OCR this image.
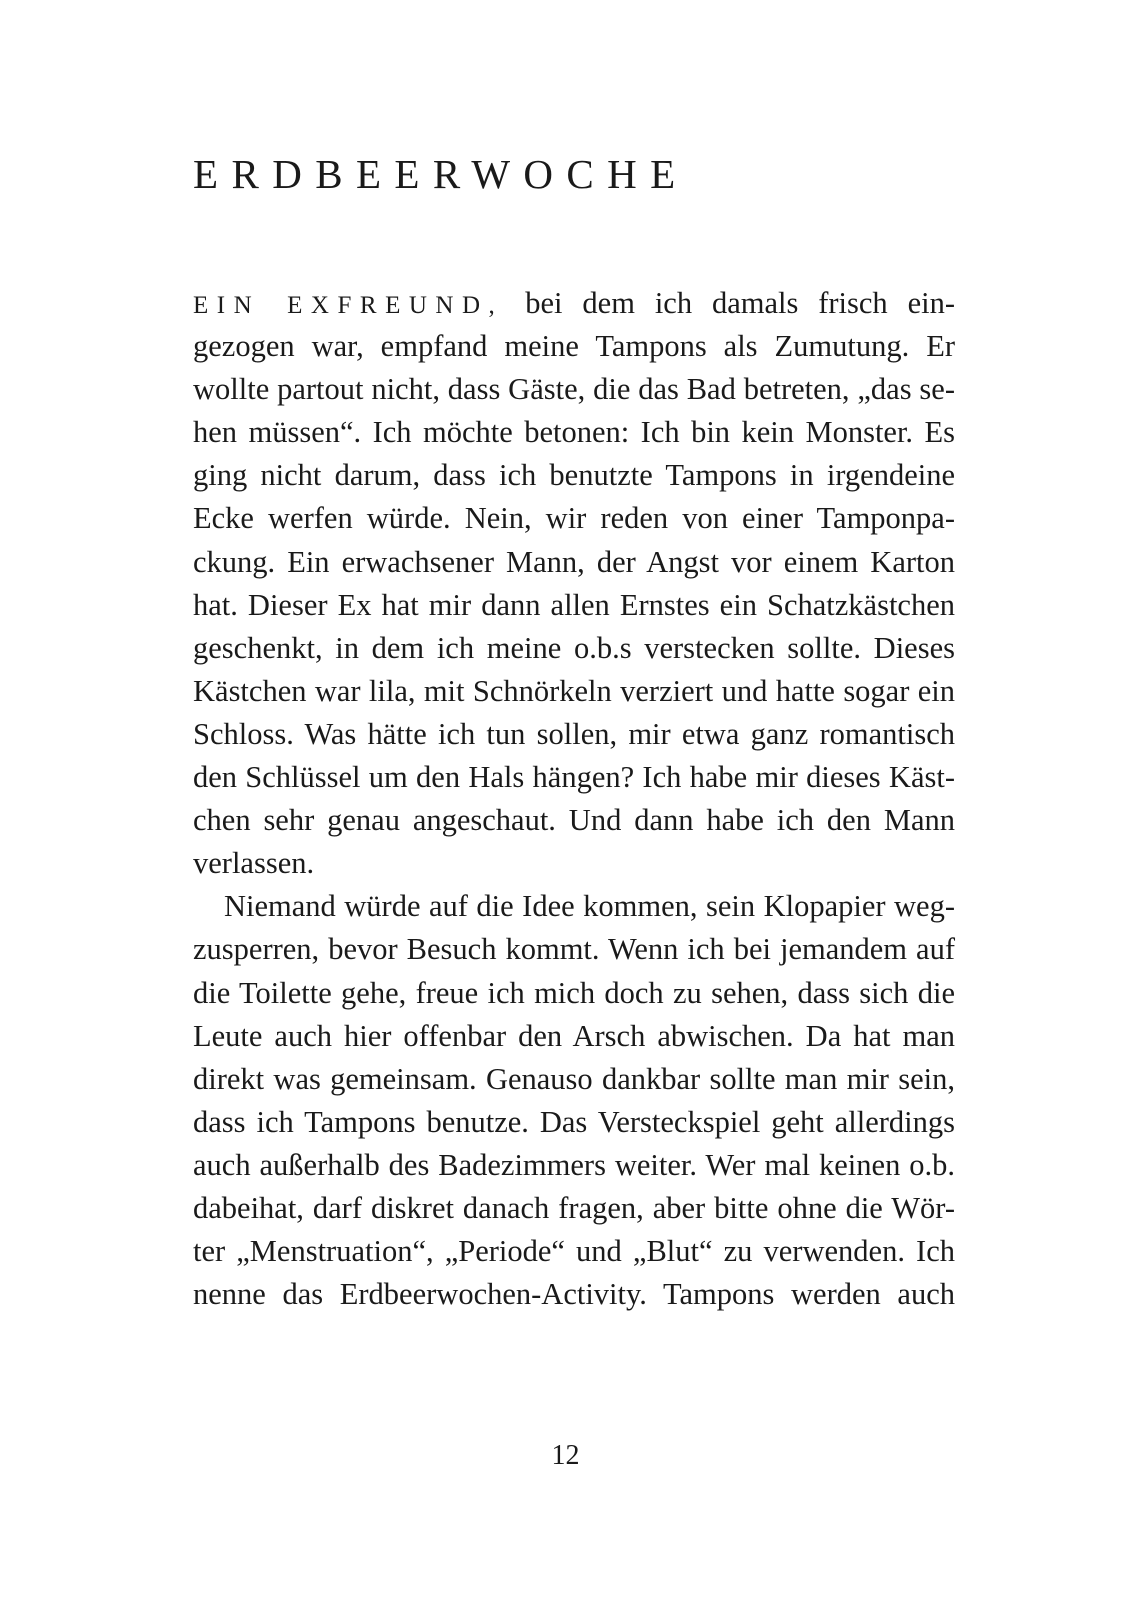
ERDBEERWOCHE
EIN EXFREUND, bei dem ich damals frisch ein-
gezogen war, empfand meine Tampons als Zumutung. Er
wollte partout nicht, dass Gäste, die das Bad betreten, „das se-
hen müssen“. Ich möchte betonen: Ich bin kein Monster. Es
ging nicht darum, dass ich benutzte Tampons in irgendeine
Ecke werfen würde. Nein, wir reden von einer Tamponpa-
ckung. Ein erwachsener Mann, der Angst vor einem Karton
hat. Dieser Ex hat mir dann allen Ernstes ein Schatzkästchen
geschenkt, in dem ich meine o.b.s verstecken sollte. Dieses
Kästchen war lila, mit Schnörkeln verziert und hatte sogar ein
Schloss. Was hätte ich tun sollen, mir etwa ganz romantisch
den Schlüssel um den Hals hängen? Ich habe mir dieses Käst-
chen sehr genau angeschaut. Und dann habe ich den Mann
verlassen.
Niemand würde auf die Idee kommen, sein Klopapier weg-
zusperren, bevor Besuch kommt. Wenn ich bei jemandem auf
die Toilette gehe, freue ich mich doch zu sehen, dass sich die
Leute auch hier offenbar den Arsch abwischen. Da hat man
direkt was gemeinsam. Genauso dankbar sollte man mir sein,
dass ich Tampons benutze. Das Versteckspiel geht allerdings
auch außerhalb des Badezimmers weiter. Wer mal keinen o.b.
dabeihat, darf diskret danach fragen, aber bitte ohne die Wör-
ter „Menstruation“, „Periode“ und „Blut“ zu verwenden. Ich
nenne das Erdbeerwochen-Activity. Tampons werden auch
12
